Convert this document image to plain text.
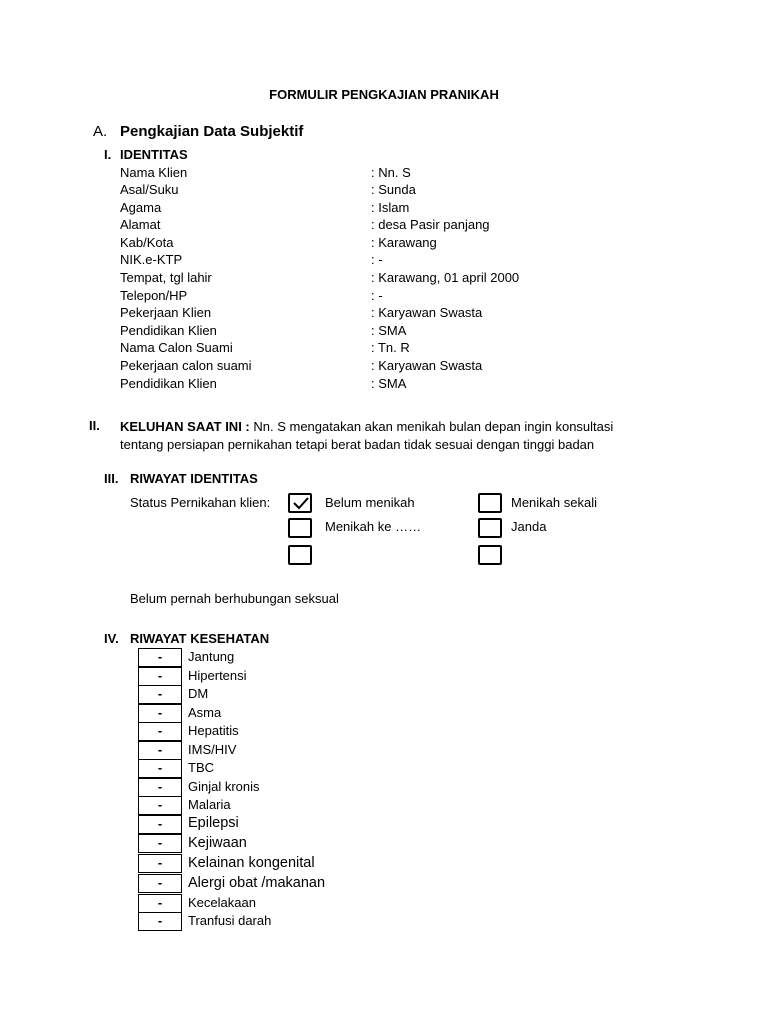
FORMULIR PENGKAJIAN PRANIKAH
A. Pengkajian Data Subjektif
I. IDENTITAS
Nama Klien	: Nn. S
Asal/Suku	: Sunda
Agama	: Islam
Alamat	: desa Pasir panjang
Kab/Kota	: Karawang
NIK.e-KTP	: -
Tempat, tgl lahir	: Karawang, 01 april 2000
Telepon/HP	: -
Pekerjaan Klien	: Karyawan Swasta
Pendidikan Klien	: SMA
Nama Calon Suami	: Tn. R
Pekerjaan calon suami	: Karyawan Swasta
Pendidikan Klien	: SMA
II. KELUHAN SAAT INI : Nn. S mengatakan akan menikah bulan depan ingin konsultasi
tentang persiapan pernikahan tetapi berat badan tidak sesuai dengan tinggi badan
III. RIWAYAT IDENTITAS
Status Pernikahan klien:	Belum menikah	Menikah sekali
Menikah ke ……	Janda
Belum pernah berhubungan seksual
IV. RIWAYAT KESEHATAN
-	Jantung
-	Hipertensi
-	DM
-	Asma
-	Hepatitis
-	IMS/HIV
-	TBC
-	Ginjal kronis
-	Malaria
-	Epilepsi
-	Kejiwaan
-	Kelainan kongenital
-	Alergi obat /makanan
-	Kecelakaan
-	Tranfusi darah
